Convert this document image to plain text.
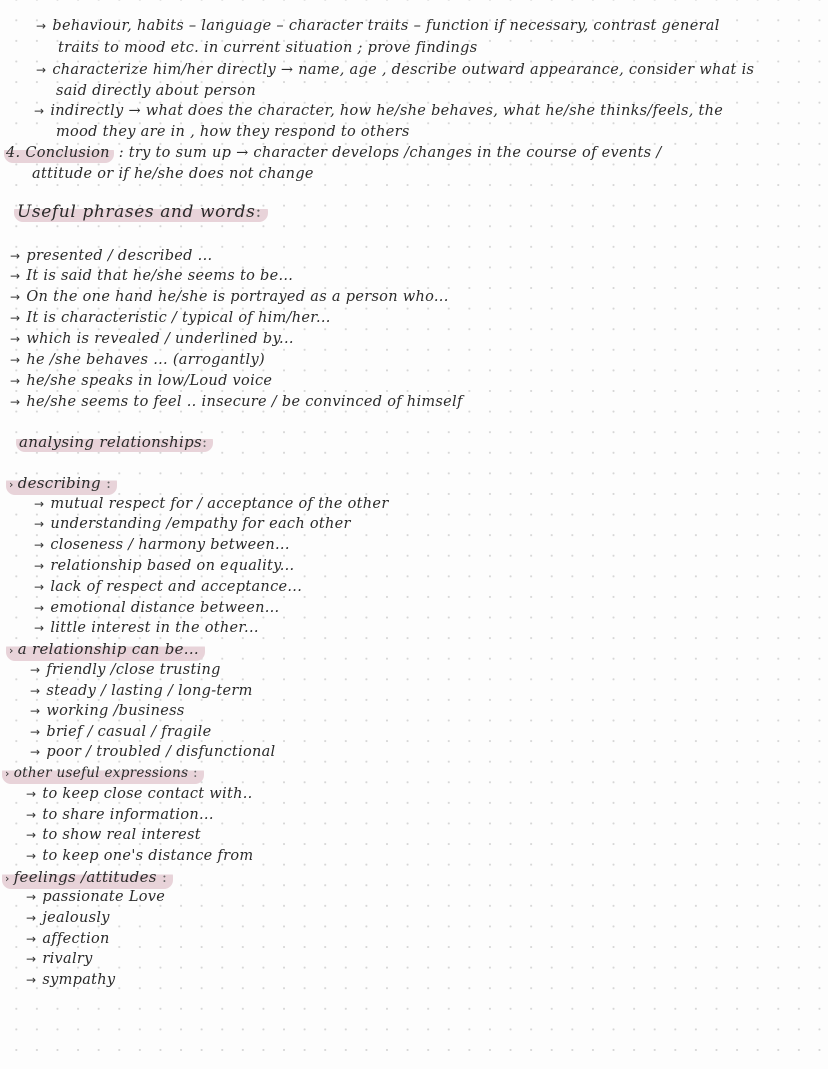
→ behaviour, habits – language – character traits – function if necessary, contrast general
traits to mood etc. in current situation ; prove findings
→ characterize him/her directly → name, age , describe outward appearance, consider what is
said directly about person
→ indirectly → what does the character, how he/she behaves, what he/she thinks/feels, the
mood they are in , how they respond to others
4. Conclusion : try to sum up → character develops /changes in the course of events /
attitude or if he/she does not change
Useful phrases and words:
→ presented / described ...
→ It is said that he/she seems to be...
→ On the one hand he/she is portrayed as a person who...
→ It is characteristic / typical of him/her...
→ which is revealed / underlined by...
→ he /she behaves ... (arrogantly)
→ he/she speaks in low/Loud voice
→ he/she seems to feel .. insecure / be convinced of himself
analysing relationships:
› describing :
→ mutual respect for / acceptance of the other
→ understanding /empathy for each other
→ closeness / harmony between...
→ relationship based on equality...
→ lack of respect and acceptance...
→ emotional distance between...
→ little interest in the other...
› a relationship can be...
→ friendly /close trusting
→ steady / lasting / long-term
→ working /business
→ brief / casual / fragile
→ poor / troubled / disfunctional
› other useful expressions :
→ to keep close contact with..
→ to share information...
→ to show real interest
→ to keep one's distance from
› feelings /attitudes :
→ passionate Love
→ jealously
→ affection
→ rivalry
→ sympathy
